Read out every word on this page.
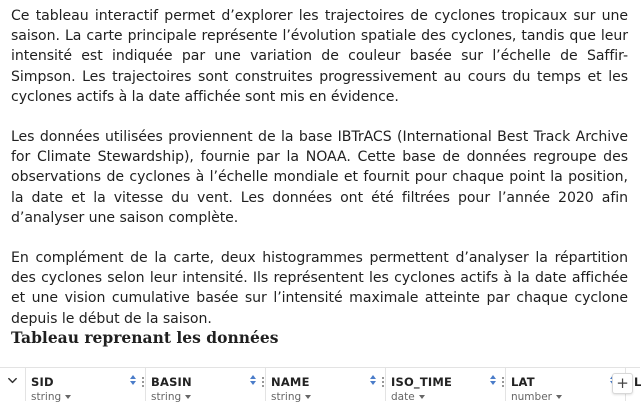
Ce tableau interactif permet d’explorer les trajectoires de cyclones tropicaux sur une saison. La carte principale représente l’évolution spatiale des cyclones, tandis que leur intensité est indiquée par une variation de couleur basée sur l’échelle de Saffir-Simpson. Les trajectoires sont construites progressivement au cours du temps et les cyclones actifs à la date affichée sont mis en évidence.

Les données utilisées proviennent de la base IBTrACS (International Best Track Archive for Climate Stewardship), fournie par la NOAA. Cette base de données regroupe des observations de cyclones à l’échelle mondiale et fournit pour chaque point la position, la date et la vitesse du vent. Les données ont été filtrées pour l’année 2020 afin d’analyser une saison complète.

En complément de la carte, deux histogrammes permettent d’analyser la répartition des cyclones selon leur intensité. Ils représentent les cyclones actifs à la date affichée et une vision cumulative basée sur l’intensité maximale atteinte par chaque cyclone depuis le début de la saison.

Tableau reprenant les données
SID
string
BASIN
string
NAME
string
ISO_TIME
date
LAT
number
L
+
